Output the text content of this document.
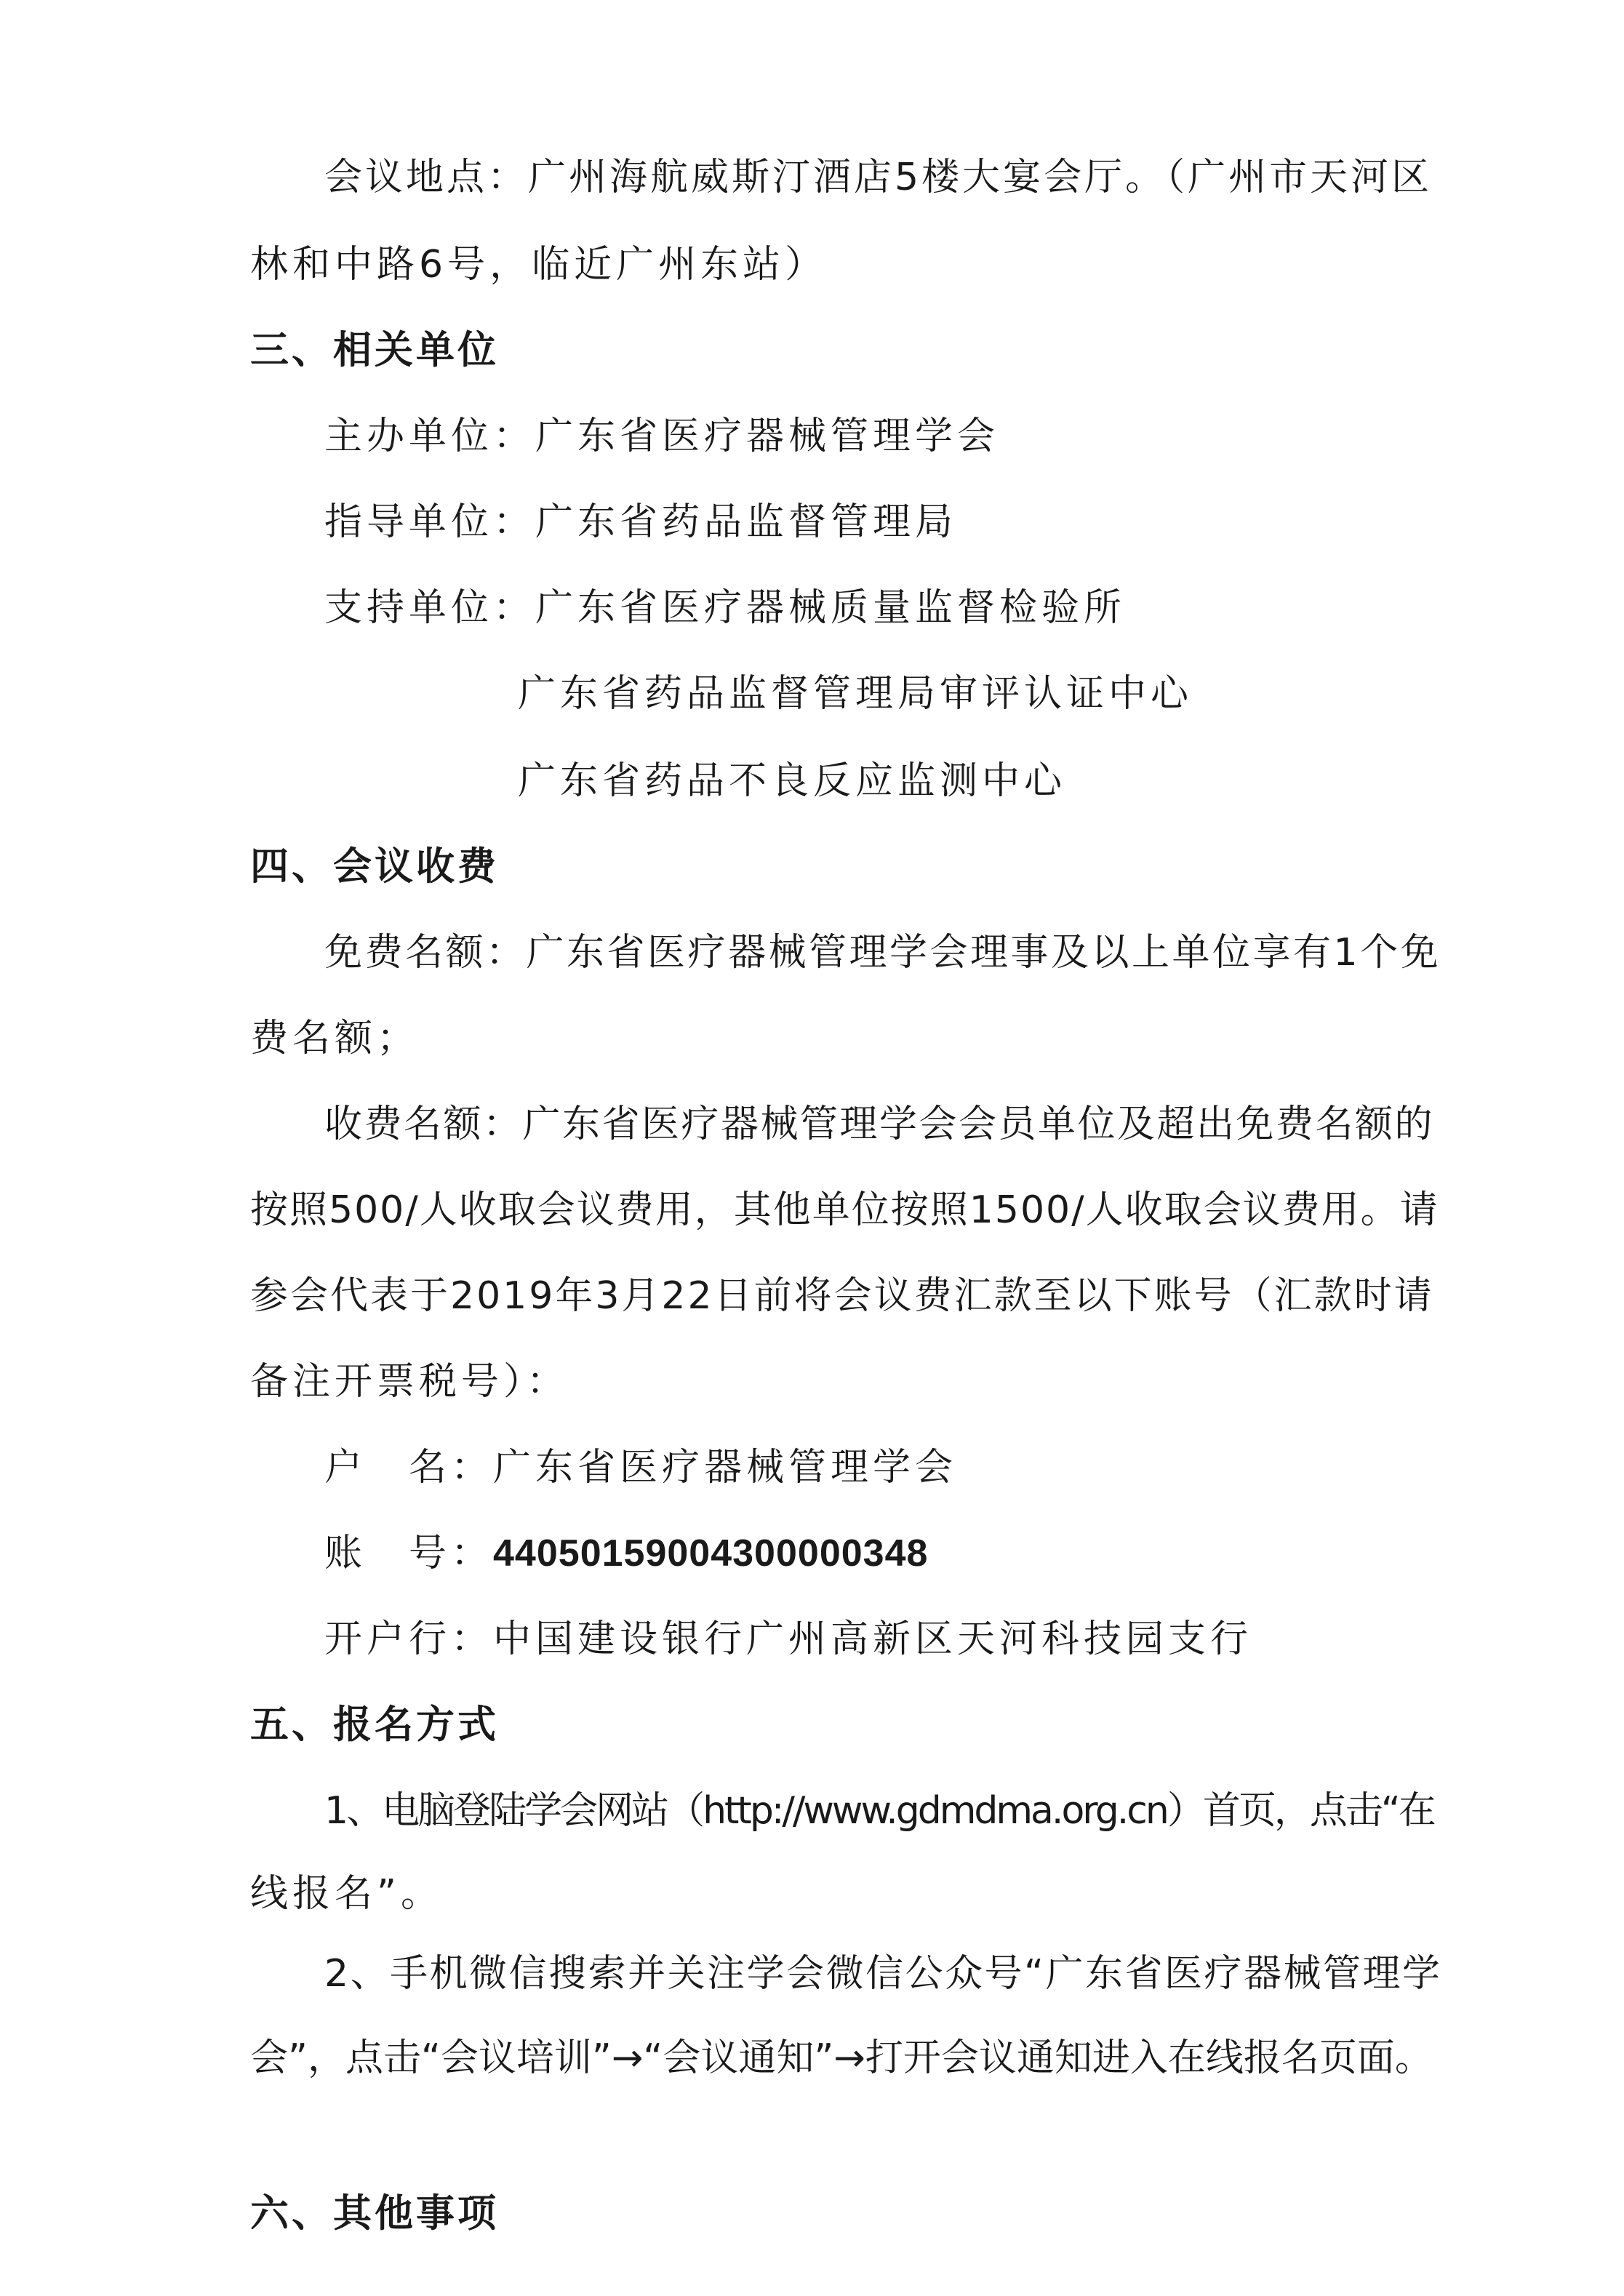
会议地点：广州海航威斯汀酒店5楼大宴会厅。（广州市天河区
林和中路6号，临近广州东站）
三、相关单位
主办单位：广东省医疗器械管理学会
指导单位：广东省药品监督管理局
支持单位：广东省医疗器械质量监督检验所
广东省药品监督管理局审评认证中心
广东省药品不良反应监测中心
四、会议收费
免费名额：广东省医疗器械管理学会理事及以上单位享有1个免
费名额；
收费名额：广东省医疗器械管理学会会员单位及超出免费名额的
按照500/人收取会议费用，其他单位按照1500/人收取会议费用。请
参会代表于2019年3月22日前将会议费汇款至以下账号（汇款时请
备注开票税号）：
户　名：广东省医疗器械管理学会
账　号：44050159004300000348
开户行：中国建设银行广州高新区天河科技园支行
五、报名方式
1、电脑登陆学会网站（http://www.gdmdma.org.cn）首页，点击“在
线报名”。
2、手机微信搜索并关注学会微信公众号“广东省医疗器械管理学
会”，点击“会议培训”→“会议通知”→打开会议通知进入在线报名页面。
六、其他事项
